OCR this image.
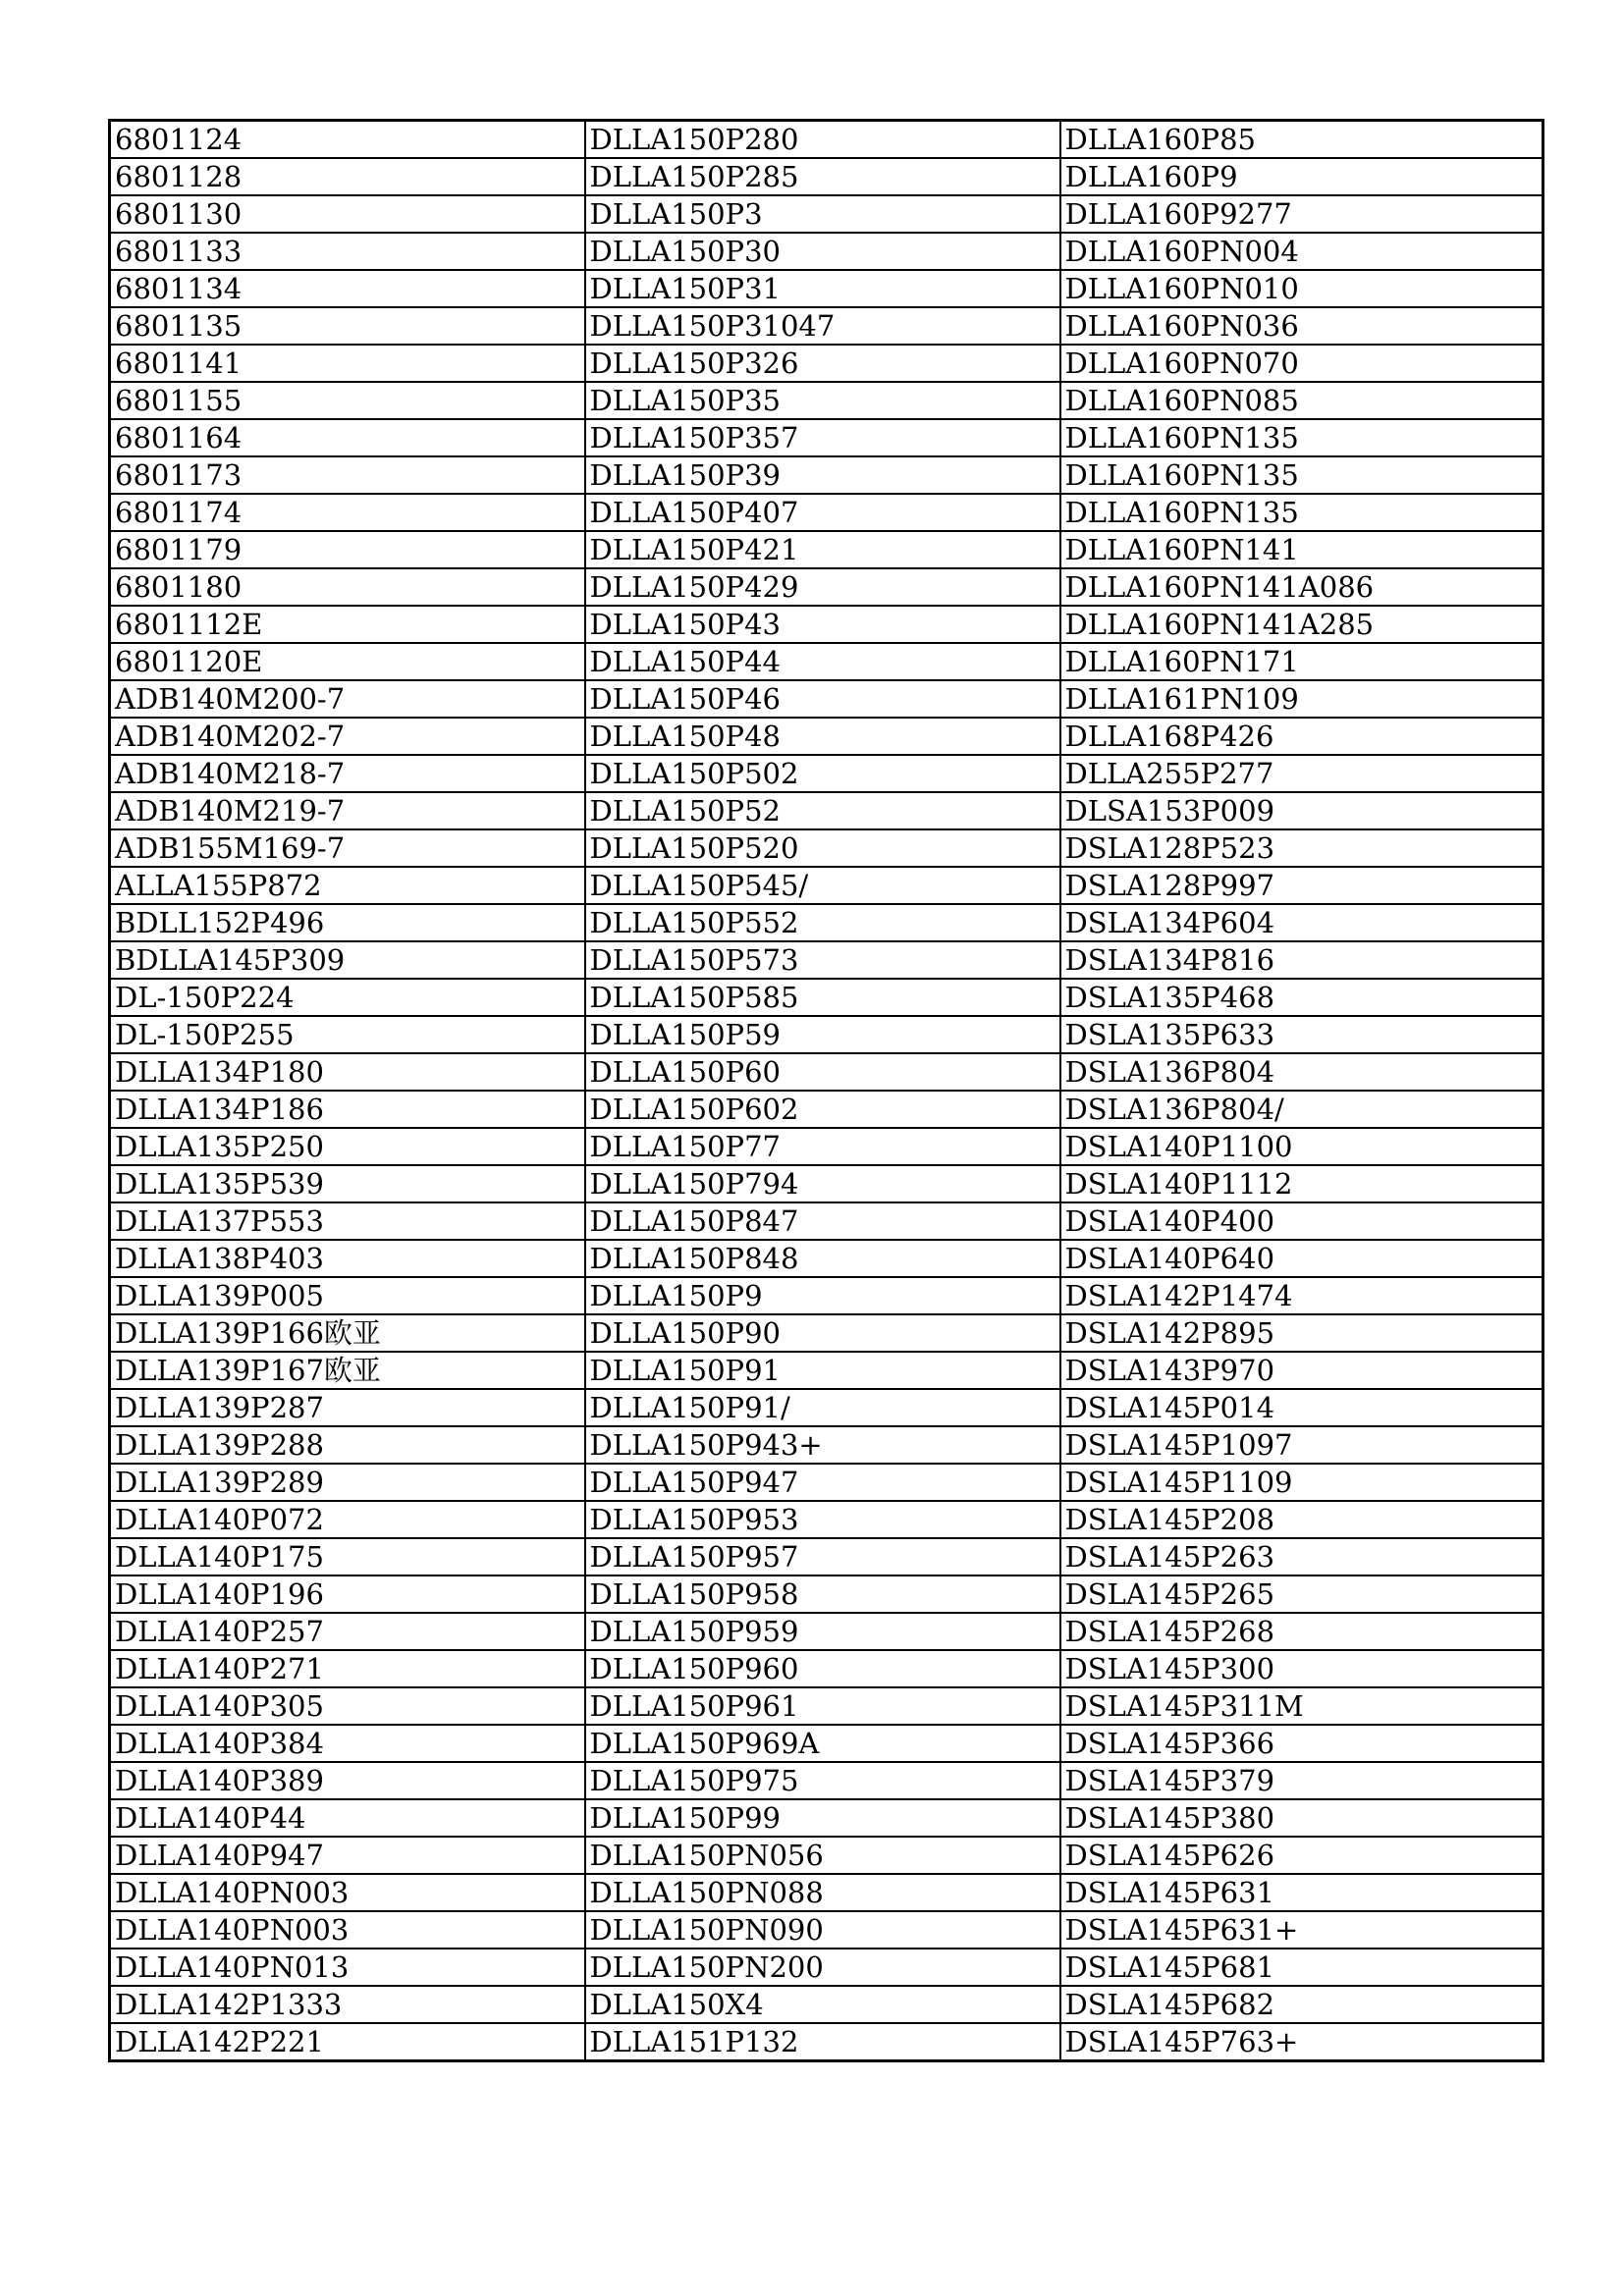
6801124	DLLA150P280	DLLA160P85
6801128	DLLA150P285	DLLA160P9
6801130	DLLA150P3	DLLA160P9277
6801133	DLLA150P30	DLLA160PN004
6801134	DLLA150P31	DLLA160PN010
6801135	DLLA150P31047	DLLA160PN036
6801141	DLLA150P326	DLLA160PN070
6801155	DLLA150P35	DLLA160PN085
6801164	DLLA150P357	DLLA160PN135
6801173	DLLA150P39	DLLA160PN135
6801174	DLLA150P407	DLLA160PN135
6801179	DLLA150P421	DLLA160PN141
6801180	DLLA150P429	DLLA160PN141A086
6801112E	DLLA150P43	DLLA160PN141A285
6801120E	DLLA150P44	DLLA160PN171
ADB140M200-7	DLLA150P46	DLLA161PN109
ADB140M202-7	DLLA150P48	DLLA168P426
ADB140M218-7	DLLA150P502	DLLA255P277
ADB140M219-7	DLLA150P52	DLSA153P009
ADB155M169-7	DLLA150P520	DSLA128P523
ALLA155P872	DLLA150P545/	DSLA128P997
BDLL152P496	DLLA150P552	DSLA134P604
BDLLA145P309	DLLA150P573	DSLA134P816
DL-150P224	DLLA150P585	DSLA135P468
DL-150P255	DLLA150P59	DSLA135P633
DLLA134P180	DLLA150P60	DSLA136P804
DLLA134P186	DLLA150P602	DSLA136P804/
DLLA135P250	DLLA150P77	DSLA140P1100
DLLA135P539	DLLA150P794	DSLA140P1112
DLLA137P553	DLLA150P847	DSLA140P400
DLLA138P403	DLLA150P848	DSLA140P640
DLLA139P005	DLLA150P9	DSLA142P1474
DLLA139P166欧亚	DLLA150P90	DSLA142P895
DLLA139P167欧亚	DLLA150P91	DSLA143P970
DLLA139P287	DLLA150P91/	DSLA145P014
DLLA139P288	DLLA150P943+	DSLA145P1097
DLLA139P289	DLLA150P947	DSLA145P1109
DLLA140P072	DLLA150P953	DSLA145P208
DLLA140P175	DLLA150P957	DSLA145P263
DLLA140P196	DLLA150P958	DSLA145P265
DLLA140P257	DLLA150P959	DSLA145P268
DLLA140P271	DLLA150P960	DSLA145P300
DLLA140P305	DLLA150P961	DSLA145P311M
DLLA140P384	DLLA150P969A	DSLA145P366
DLLA140P389	DLLA150P975	DSLA145P379
DLLA140P44	DLLA150P99	DSLA145P380
DLLA140P947	DLLA150PN056	DSLA145P626
DLLA140PN003	DLLA150PN088	DSLA145P631
DLLA140PN003	DLLA150PN090	DSLA145P631+
DLLA140PN013	DLLA150PN200	DSLA145P681
DLLA142P1333	DLLA150X4	DSLA145P682
DLLA142P221	DLLA151P132	DSLA145P763+
